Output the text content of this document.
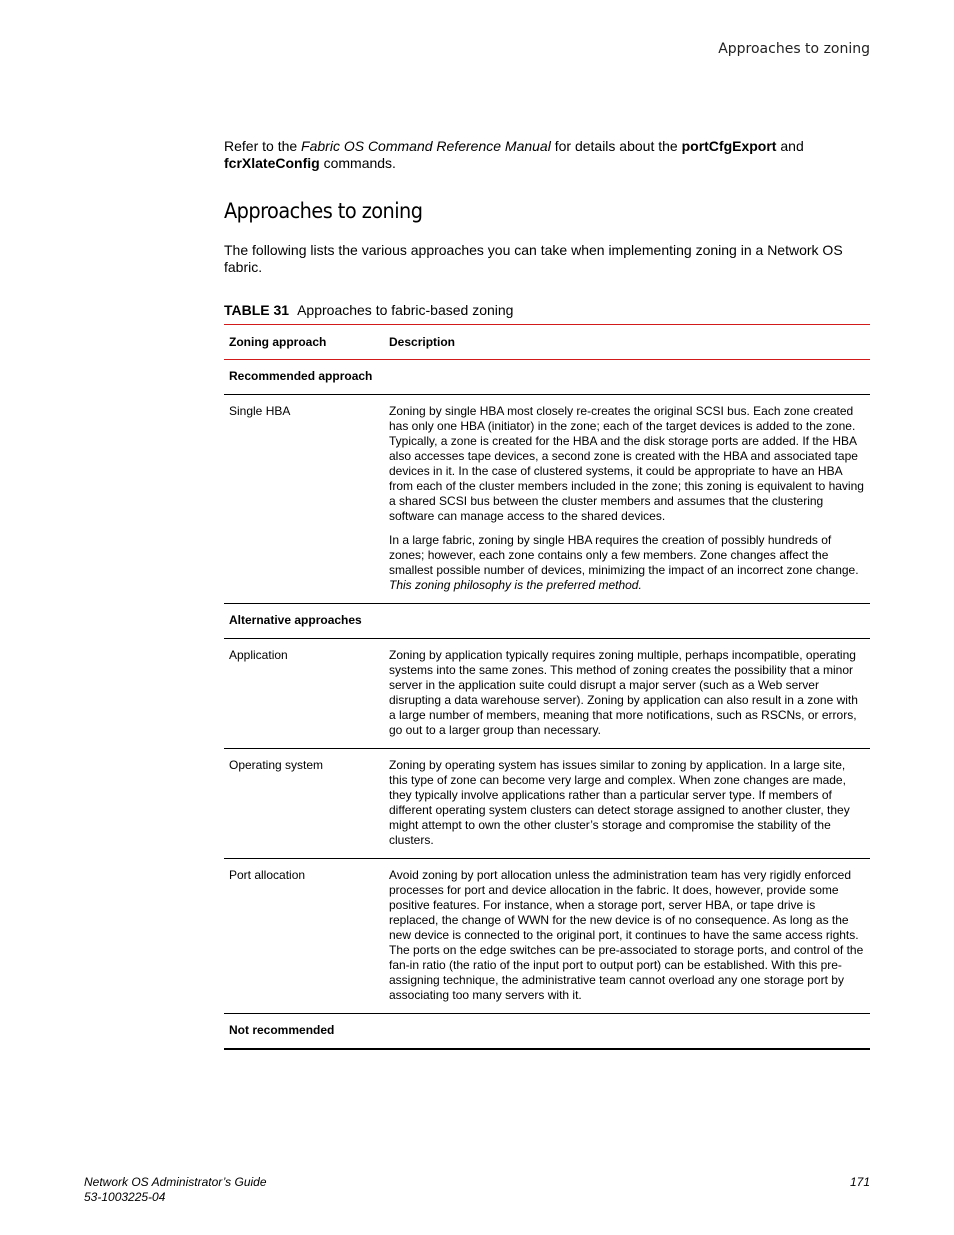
Approaches to zoning

Refer to the Fabric OS Command Reference Manual for details about the portCfgExport and
fcrXlateConfig commands.

Approaches to zoning

The following lists the various approaches you can take when implementing zoning in a Network OS fabric.

TABLE 31 Approaches to fabric-based zoning
Zoning approach	Description
Recommended approach	
Single HBA	Zoning by single HBA most closely re-creates the original SCSI bus. Each zone created has only one HBA (initiator) in the zone; each of the target devices is added to the zone. Typically, a zone is created for the HBA and the disk storage ports are added. If the HBA also accesses tape devices, a second zone is created with the HBA and associated tape devices in it. In the case of clustered systems, it could be appropriate to have an HBA from each of the cluster members included in the zone; this zoning is equivalent to having a shared SCSI bus between the cluster members and assumes that the clustering software can manage access to the shared devices.

In a large fabric, zoning by single HBA requires the creation of possibly hundreds of zones; however, each zone contains only a few members. Zone changes affect the smallest possible number of devices, minimizing the impact of an incorrect zone change. This zoning philosophy is the preferred method.

Alternative approaches	
Application	Zoning by application typically requires zoning multiple, perhaps incompatible, operating systems into the same zones. This method of zoning creates the possibility that a minor server in the application suite could disrupt a major server (such as a Web server disrupting a data warehouse server). Zoning by application can also result in a zone with a large number of members, meaning that more notifications, such as RSCNs, or errors, go out to a larger group than necessary.

Operating system	Zoning by operating system has issues similar to zoning by application. In a large site, this type of zone can become very large and complex. When zone changes are made, they typically involve applications rather than a particular server type. If members of different operating system clusters can detect storage assigned to another cluster, they might attempt to own the other cluster’s storage and compromise the stability of the clusters.

Port allocation	Avoid zoning by port allocation unless the administration team has very rigidly enforced processes for port and device allocation in the fabric. It does, however, provide some positive features. For instance, when a storage port, server HBA, or tape drive is replaced, the change of WWN for the new device is of no consequence. As long as the new device is connected to the original port, it continues to have the same access rights. The ports on the edge switches can be pre-associated to storage ports, and control of the fan-in ratio (the ratio of the input port to output port) can be established. With this pre-assigning technique, the administrative team cannot overload any one storage port by associating too many servers with it.

Not recommended	
Network OS Administrator’s Guide
53-1003225-04
171
